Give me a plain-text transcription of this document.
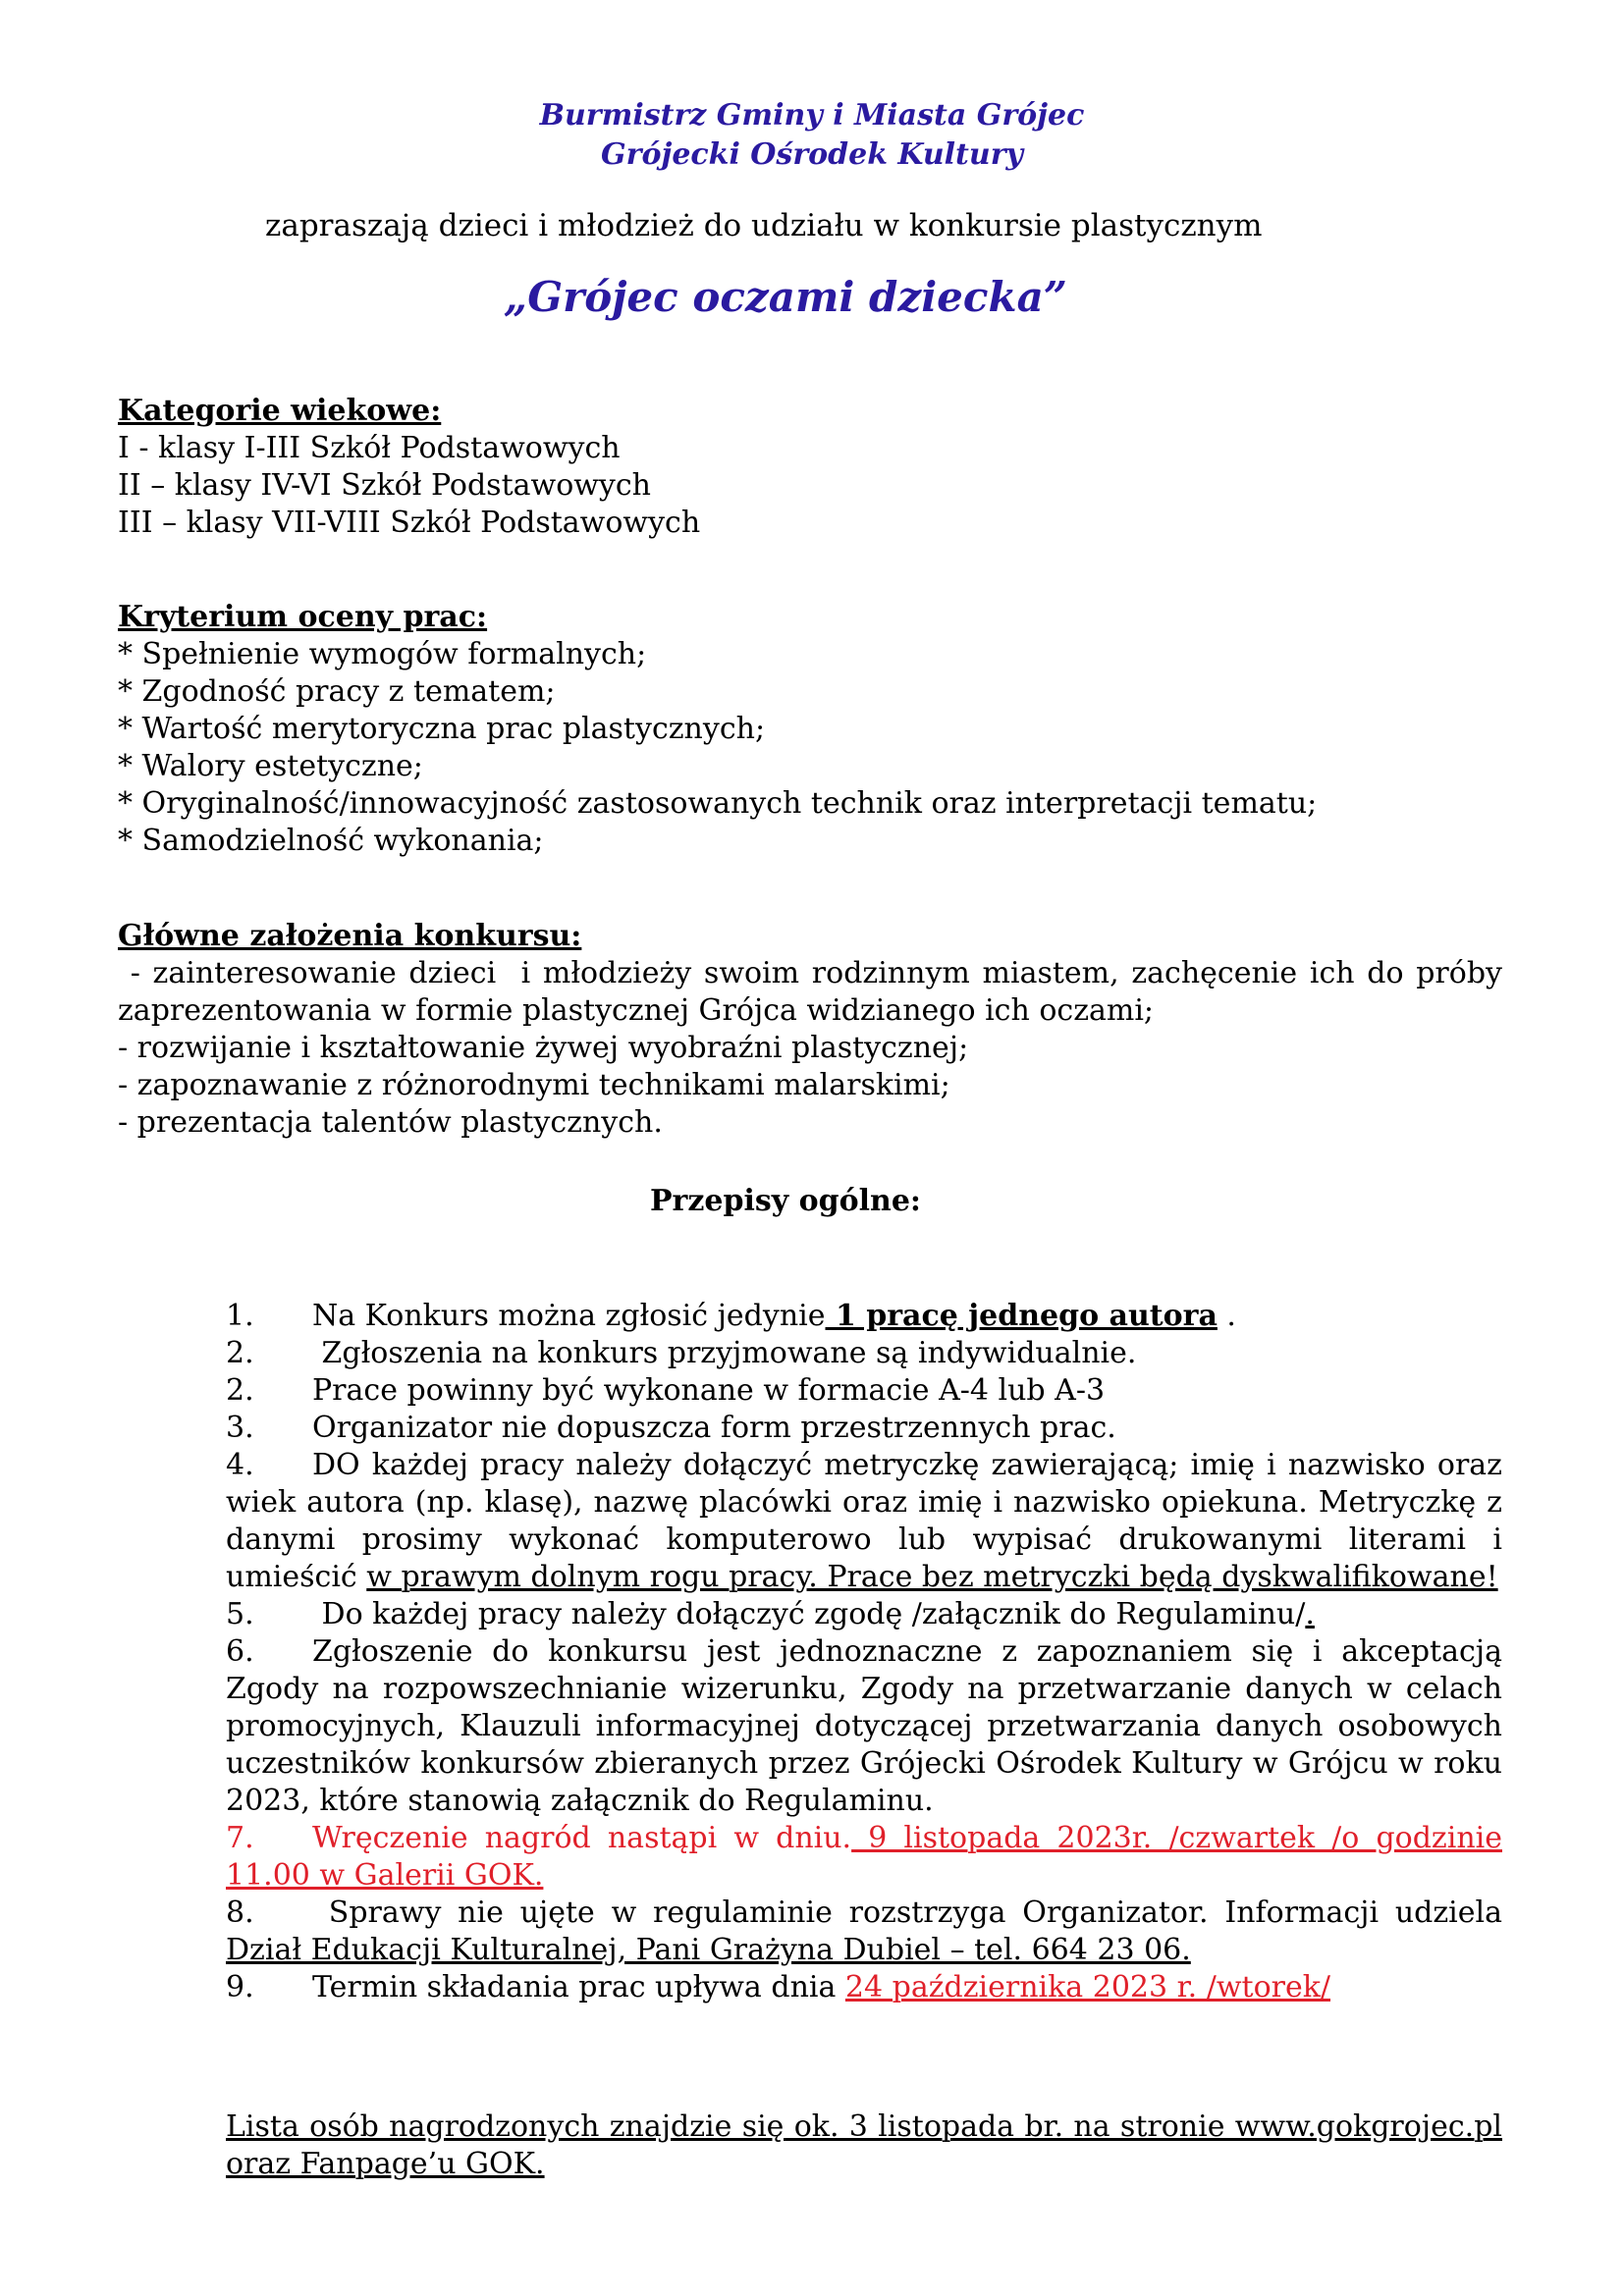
Burmistrz Gminy i Miasta Grójec
Grójecki Ośrodek Kultury
zapraszają dzieci i młodzież do udziału w konkursie plastycznym
„Grójec oczami dziecka”
Kategorie wiekowe:
I - klasy I-III Szkół Podstawowych
II – klasy IV-VI Szkół Podstawowych
III – klasy VII-VIII Szkół Podstawowych
Kryterium oceny prac:
* Spełnienie wymogów formalnych;
* Zgodność pracy z tematem;
* Wartość merytoryczna prac plastycznych;
* Walory estetyczne;
* Oryginalność/innowacyjność zastosowanych technik oraz interpretacji tematu;
* Samodzielność wykonania;
Główne założenia konkursu:
- zainteresowanie dzieci  i młodzieży swoim rodzinnym miastem, zachęcenie ich do próby zaprezentowania w formie plastycznej Grójca widzianego ich oczami;
- rozwijanie i kształtowanie żywej wyobraźni plastycznej;
- zapoznawanie z różnorodnymi technikami malarskimi;
- prezentacja talentów plastycznych.
Przepisy ogólne:
1. Na Konkurs można zgłosić jedynie 1 pracę jednego autora .
2. Zgłoszenia na konkurs przyjmowane są indywidualnie.
2. Prace powinny być wykonane w formacie A-4 lub A-3
3. Organizator nie dopuszcza form przestrzennych prac.
4. DO każdej pracy należy dołączyć metryczkę zawierającą; imię i nazwisko oraz wiek autora (np. klasę), nazwę placówki oraz imię i nazwisko opiekuna. Metryczkę z danymi prosimy wykonać komputerowo lub wypisać drukowanymi literami i umieścić w prawym dolnym rogu pracy. Prace bez metryczki będą dyskwalifikowane!
5. Do każdej pracy należy dołączyć zgodę /załącznik do Regulaminu/.
6. Zgłoszenie do konkursu jest jednoznaczne z zapoznaniem się i akceptacją Zgody na rozpowszechnianie wizerunku, Zgody na przetwarzanie danych w celach promocyjnych, Klauzuli informacyjnej dotyczącej przetwarzania danych osobowych uczestników konkursów zbieranych przez Grójecki Ośrodek Kultury w Grójcu w roku 2023, które stanowią załącznik do Regulaminu.
7. Wręczenie nagród nastąpi w dniu. 9 listopada 2023r. /czwartek /o godzinie 11.00 w Galerii GOK.
8. Sprawy nie ujęte w regulaminie rozstrzyga Organizator. Informacji udziela Dział Edukacji Kulturalnej, Pani Grażyna Dubiel – tel. 664 23 06.
9. Termin składania prac upływa dnia 24 października 2023 r. /wtorek/
Lista osób nagrodzonych znajdzie się ok. 3 listopada br. na stronie www.gokgrojec.pl oraz Fanpage’u GOK.
